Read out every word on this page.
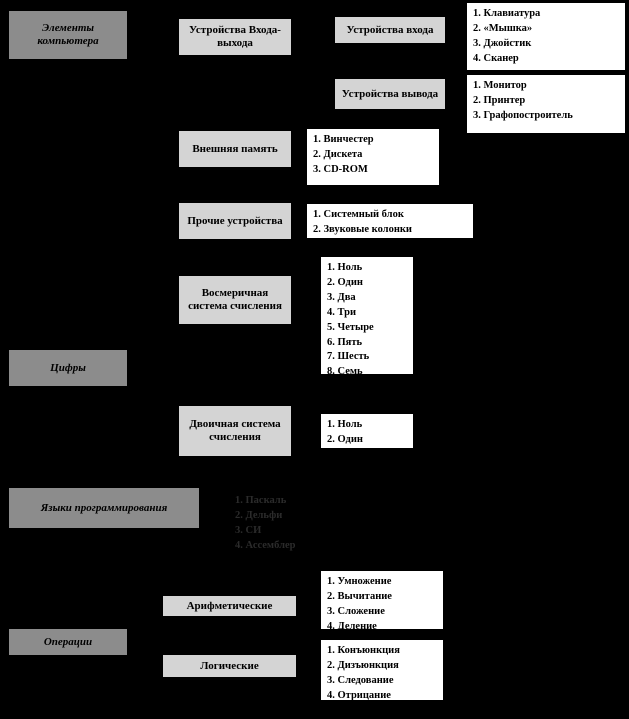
Элементы компьютера
Цифры
Языки программирования
Операции
Устройства Входа-выхода
Внешняя память
Прочие устройства
Восмеричная система счисления
Двоичная система счисления
Арифметические
Логические
Устройства входа
Устройства вывода
1. Клавиатура
2. «Мышка»
3. Джойстик
4. Сканер
1. Монитор
2. Принтер
3. Графопостроитель
1. Винчестер
2. Дискета
3. CD-ROM
1. Системный блок
2. Звуковые колонки
1. Ноль
2. Один
3. Два
4. Три
5. Четыре
6. Пять
7. Шесть
8. Семь
1. Ноль
2. Один
1. Паскаль
2. Дельфи
3. СИ
4. Ассемблер
1. Умножение
2. Вычитание
3. Сложение
4. Деление
1. Конъюнкция
2. Дизъюнкция
3. Следование
4. Отрицание
5. Эквиваленция
